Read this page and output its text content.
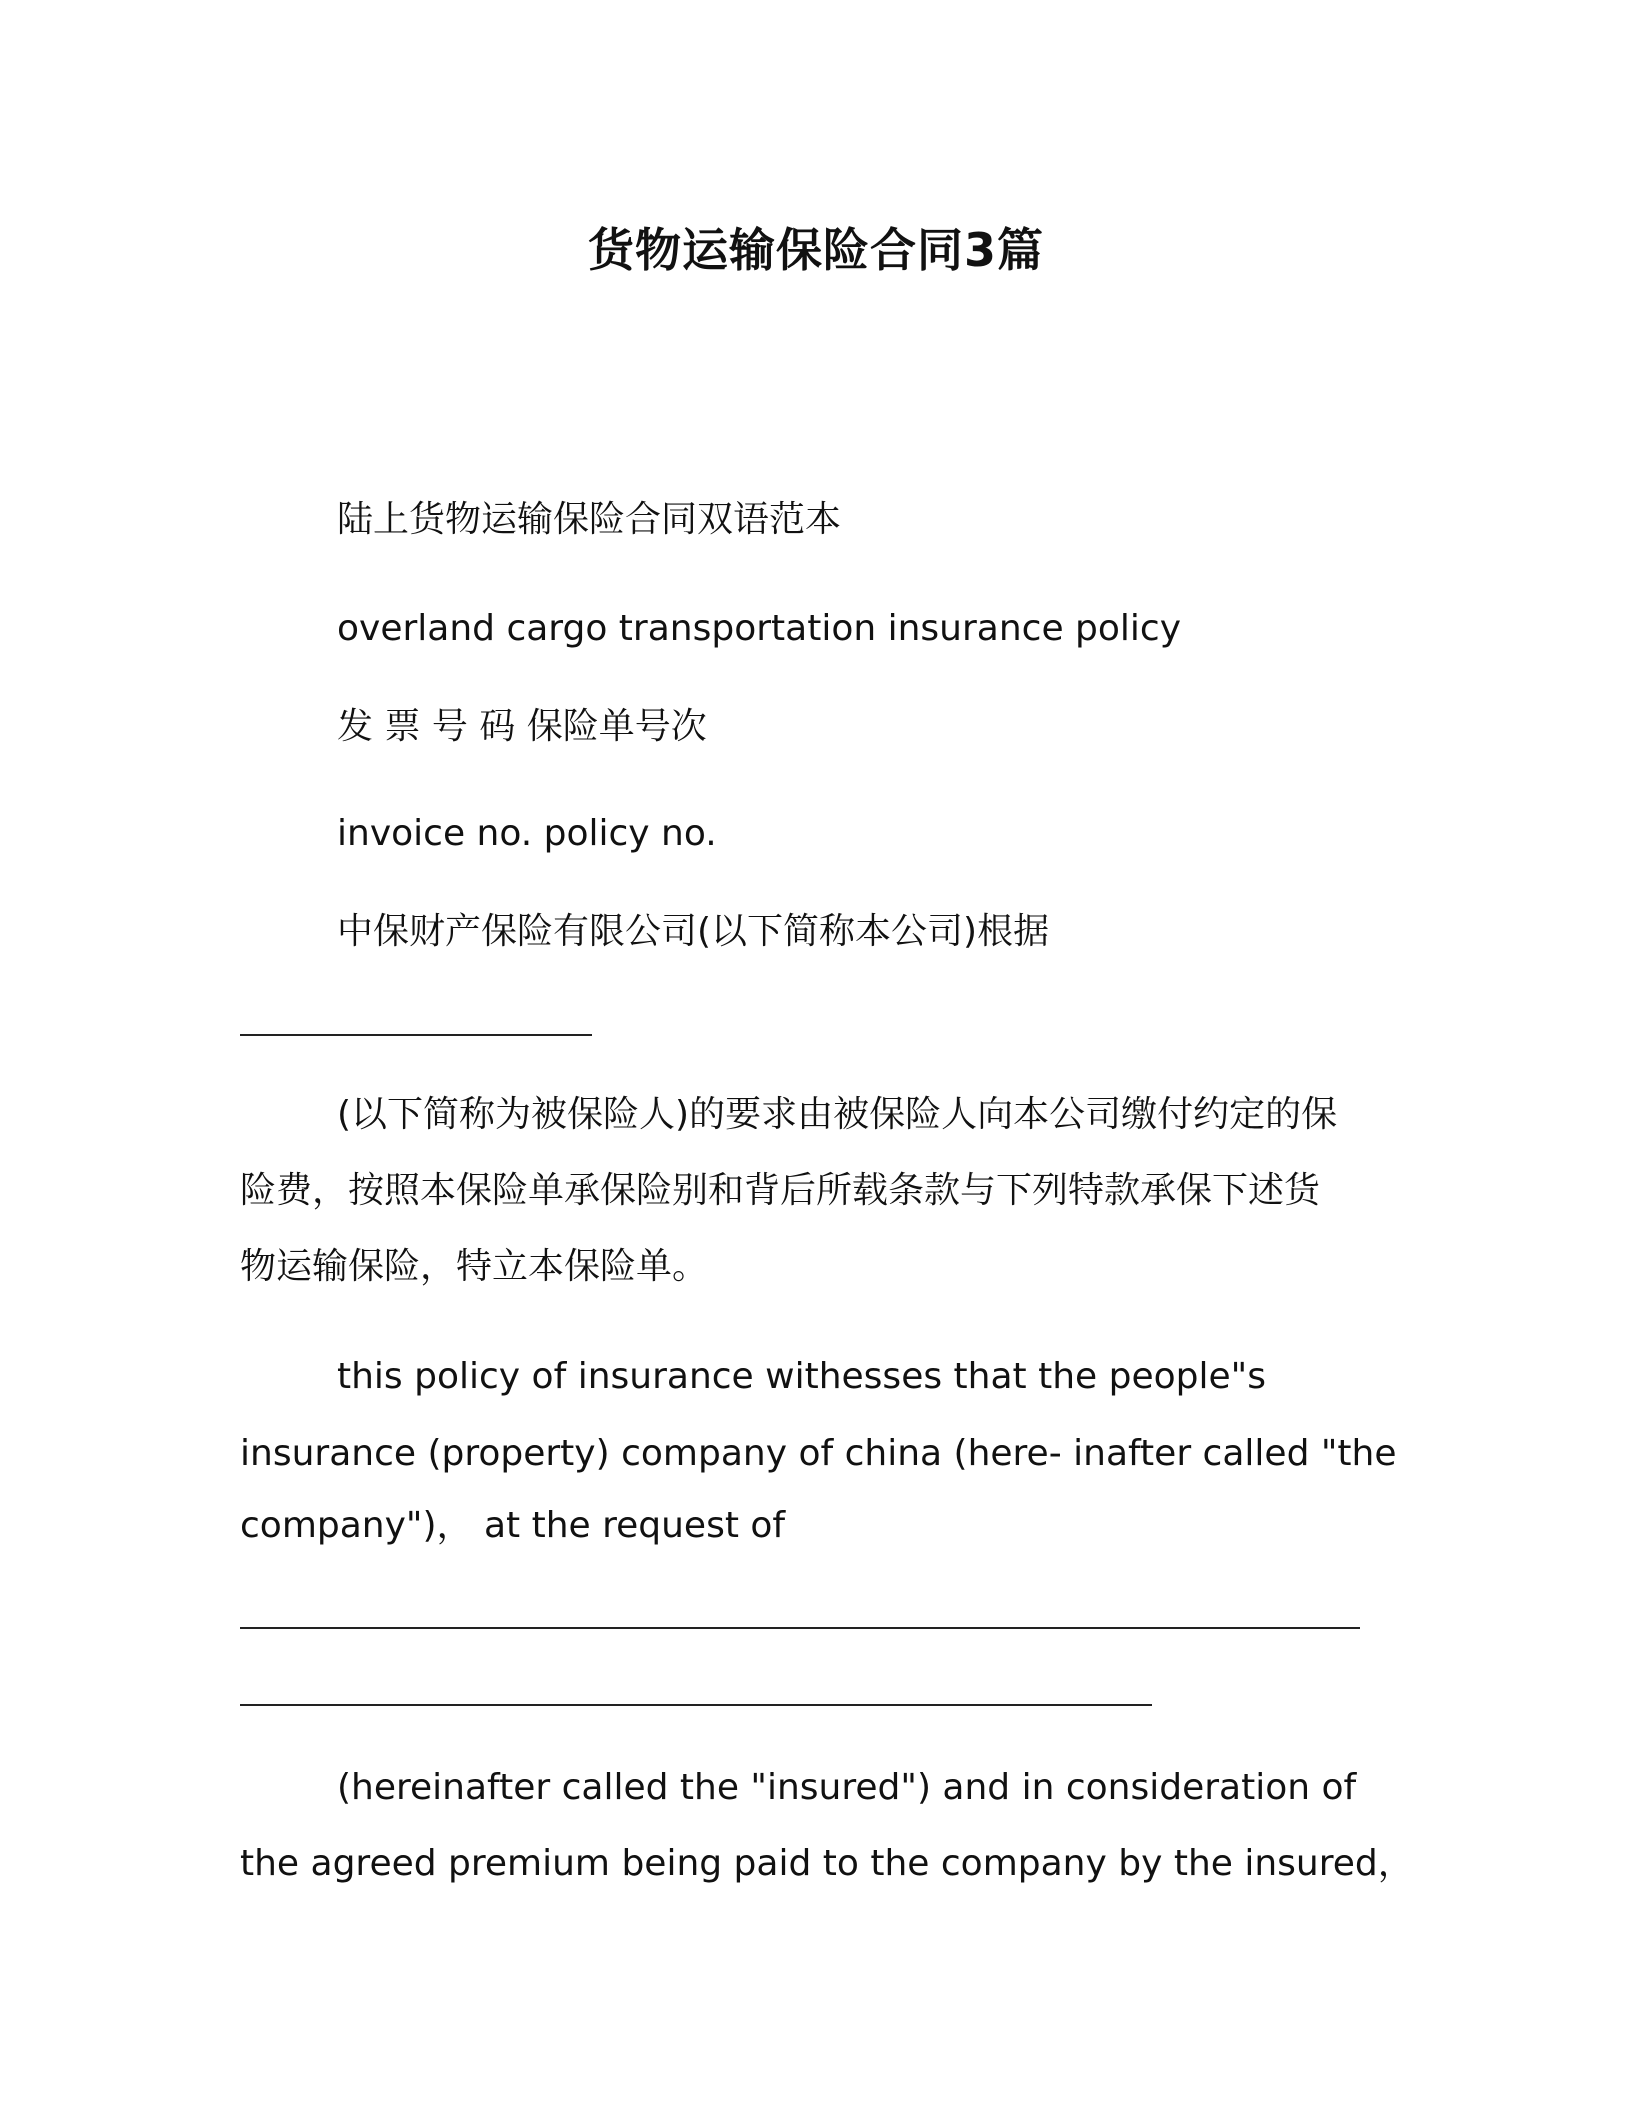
货物运输保险合同3篇
陆上货物运输保险合同双语范本
overland cargo transportation insurance policy
发 票 号 码 保险单号次
invoice no. policy no.
中保财产保险有限公司(以下简称本公司)根据
(以下简称为被保险人)的要求由被保险人向本公司缴付约定的保
险费，按照本保险单承保险别和背后所载条款与下列特款承保下述货
物运输保险，特立本保险单。
this policy of insurance withesses that the people"s
insurance (property) company of china (here- inafter called "the
company")， at the request of
(hereinafter called the "insured") and in consideration of
the agreed premium being paid to the company by the insured，
